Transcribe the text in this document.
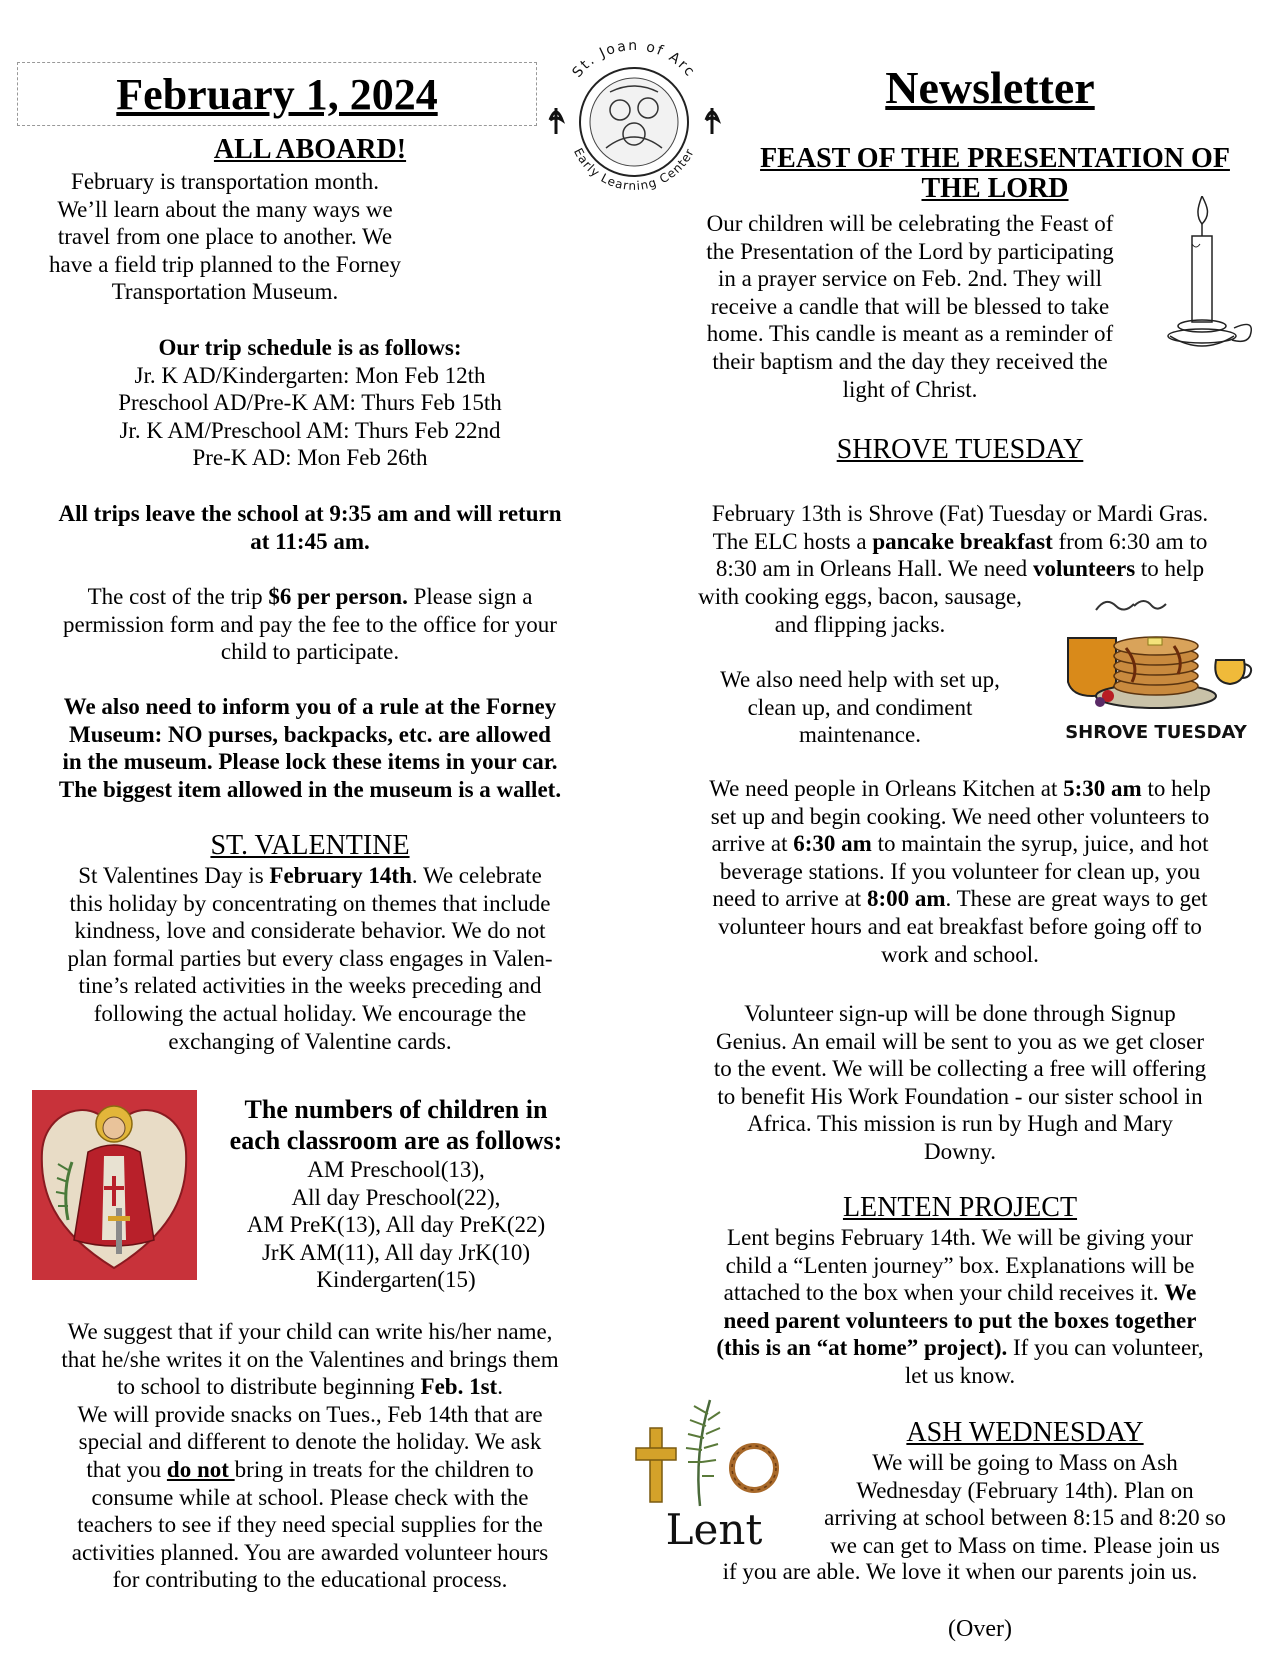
February 1, 2024	St. Joan of Arc
Early Learning Center
Newsletter

ALL ABOARD!

February is transportation month.

We’ll learn about the many ways we

travel from one place to another. We

have a field trip planned to the Forney

Transportation Museum.

Our trip schedule is as follows:

Jr. K AD/Kindergarten: Mon Feb 12th

Preschool AD/Pre-K AM: Thurs Feb 15th

Jr. K AM/Preschool AM: Thurs Feb 22nd

Pre-K AD: Mon Feb 26th

All trips leave the school at 9:35 am and will return

at 11:45 am.

The cost of the trip $6 per person. Please sign a

permission form and pay the fee to the office for your

child to participate.

We also need to inform you of a rule at the Forney

Museum: NO purses, backpacks, etc. are allowed

in the museum. Please lock these items in your car.

The biggest item allowed in the museum is a wallet.

ST. VALENTINE

St Valentines Day is February 14th. We celebrate

this holiday by concentrating on themes that include

kindness, love and considerate behavior. We do not

plan formal parties but every class engages in Valen-

tine’s related activities in the weeks preceding and

following the actual holiday. We encourage the

exchanging of Valentine cards.

The numbers of children in

each classroom are as follows:

AM Preschool(13),

All day Preschool(22),

AM PreK(13), All day PreK(22)

JrK AM(11), All day JrK(10)

Kindergarten(15)

We suggest that if your child can write his/her name,

that he/she writes it on the Valentines and brings them

to school to distribute beginning Feb. 1st.

We will provide snacks on Tues., Feb 14th that are

special and different to denote the holiday. We ask

that you do not bring in treats for the children to

consume while at school. Please check with the

teachers to see if they need special supplies for the

activities planned. You are awarded volunteer hours

for contributing to the educational process.

FEAST OF THE PRESENTATION OF

THE LORD

Our children will be celebrating the Feast of

the Presentation of the Lord by participating

in a prayer service on Feb. 2nd. They will

receive a candle that will be blessed to take

home. This candle is meant as a reminder of

their baptism and the day they received the

light of Christ.

SHROVE TUESDAY

February 13th is Shrove (Fat) Tuesday or Mardi Gras.

The ELC hosts a pancake breakfast from 6:30 am to

8:30 am in Orleans Hall. We need volunteers to help

with cooking eggs, bacon, sausage,

and flipping jacks.

We also need help with set up,

clean up, and condiment

maintenance.	SHROVE TUESDAY

We need people in Orleans Kitchen at 5:30 am to help

set up and begin cooking. We need other volunteers to

arrive at 6:30 am to maintain the syrup, juice, and hot

beverage stations. If you volunteer for clean up, you

need to arrive at 8:00 am. These are great ways to get

volunteer hours and eat breakfast before going off to

work and school.

Volunteer sign-up will be done through Signup

Genius. An email will be sent to you as we get closer

to the event. We will be collecting a free will offering

to benefit His Work Foundation - our sister school in

Africa. This mission is run by Hugh and Mary

Downy.

LENTEN PROJECT

Lent begins February 14th. We will be giving your

child a “Lenten journey” box. Explanations will be

attached to the box when your child receives it. We

need parent volunteers to put the boxes together

(this is an “at home” project). If you can volunteer,

let us know.

Lent

ASH WEDNESDAY

We will be going to Mass on Ash

Wednesday (February 14th). Plan on

arriving at school between 8:15 and 8:20 so

we can get to Mass on time. Please join us

if you are able. We love it when our parents join us.

(Over)
